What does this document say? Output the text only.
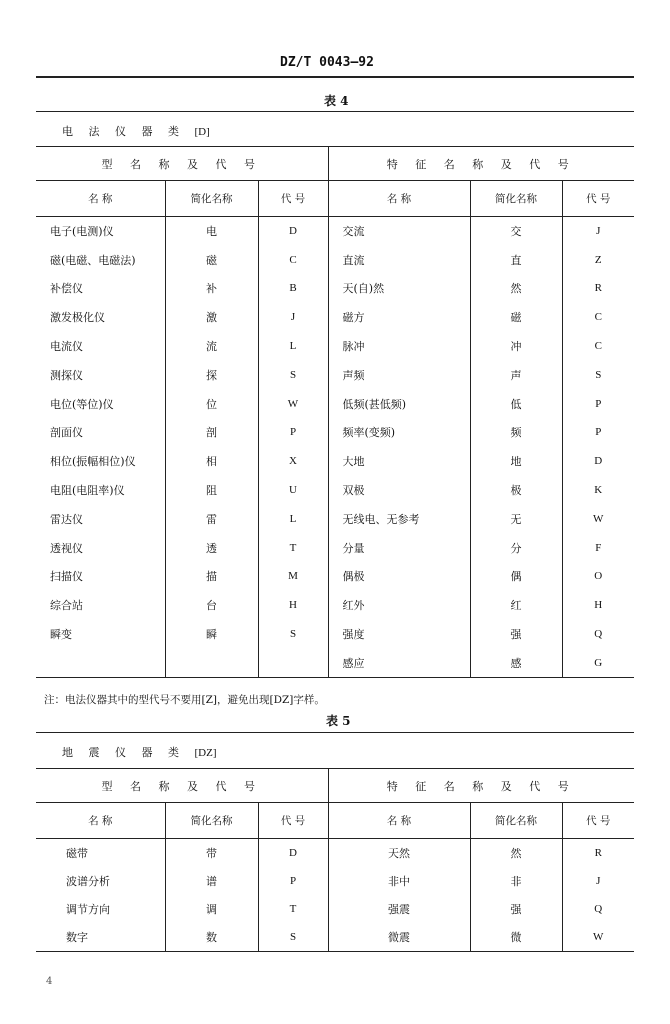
DZ/T 0043—92
表 4
电 法 仪 器 类 [D]
型 名 称 及 代 号			特 征 名 称 及 代 号		
名 称	简化名称	代 号	名 称	简化名称	代 号
电子(电测)仪	电	D	交流	交	J
磁(电磁、电磁法)	磁	C	直流	直	Z
补偿仪	补	B	天(自)然	然	R
激发极化仪	激	J	磁方	磁	C
电流仪	流	L	脉冲	冲	C
测探仪	探	S	声频	声	S
电位(等位)仪	位	W	低频(甚低频)	低	P
剖面仪	剖	P	频率(变频)	频	P
相位(振幅相位)仪	相	X	大地	地	D
电阻(电阻率)仪	阻	U	双极	极	K
雷达仪	雷	L	无线电、无参考	无	W
透视仪	透	T	分量	分	F
扫描仪	描	M	偶极	偶	O
综合站	台	H	红外	红	H
瞬变	瞬	S	强度	强	Q
			感应	感	G
注：电法仪器其中的型代号不要用[Z]，避免出现[DZ]字样。
表 5
地 震 仪 器 类 [DZ]
型 名 称 及 代 号			特 征 名 称 及 代 号		
名 称	简化名称	代 号	名 称	简化名称	代 号
磁带	带	D	天然	然	R
波谱分析	谱	P	非中	非	J
调节方向	调	T	强震	强	Q
数字	数	S	微震	微	W
4
